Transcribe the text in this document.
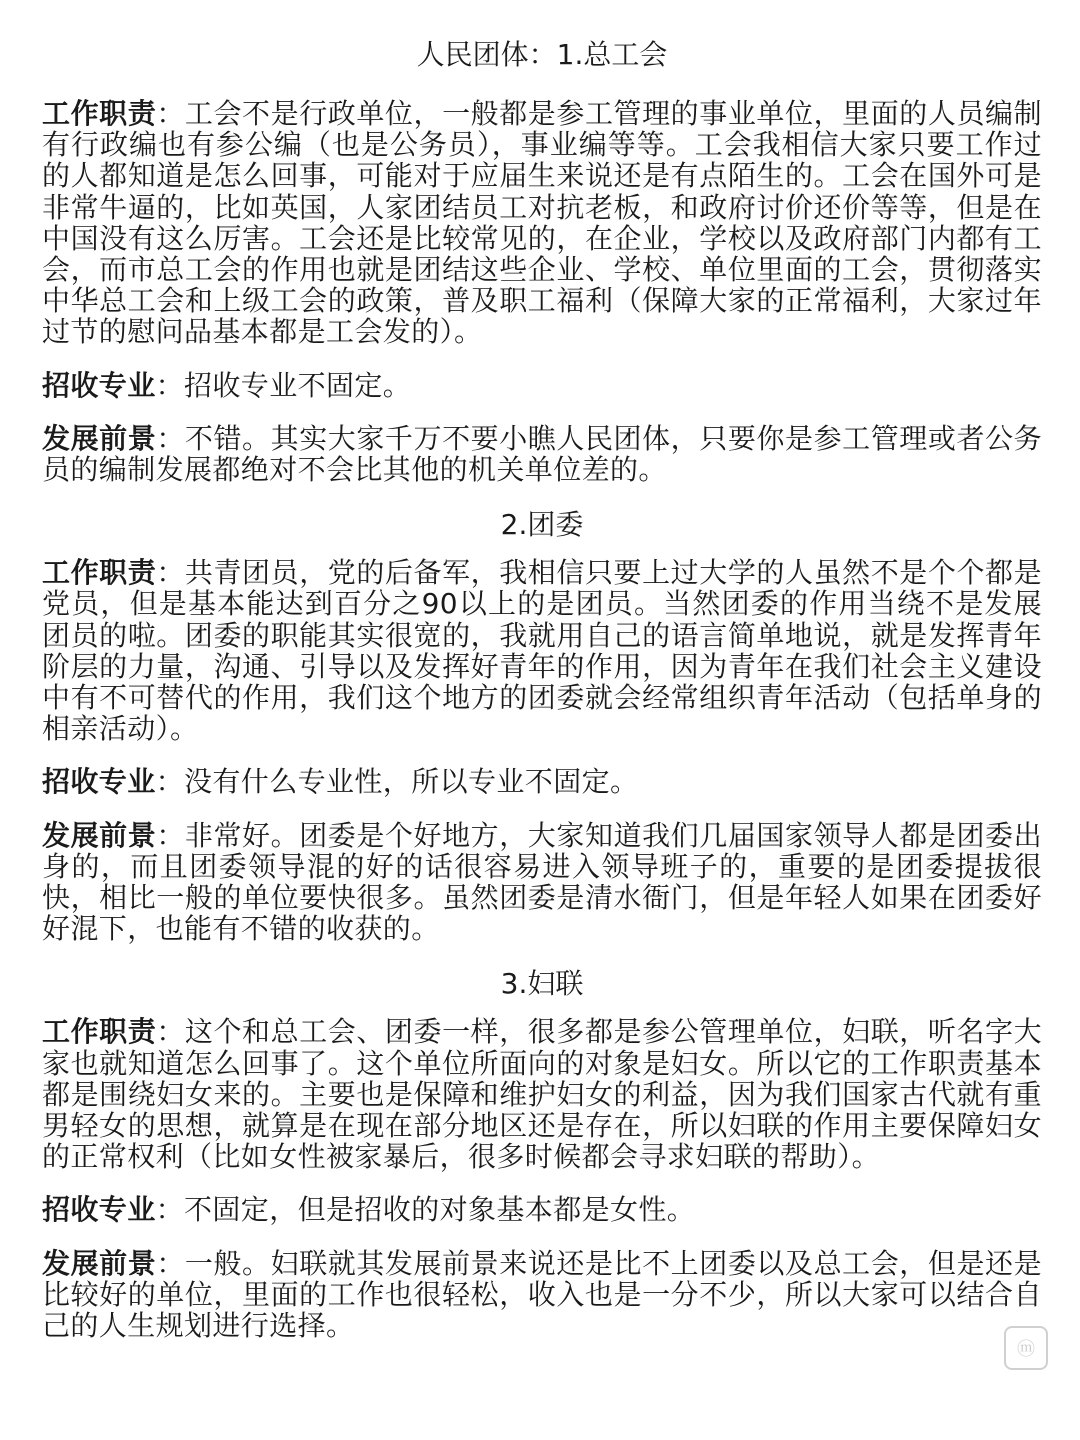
人民团体：1.总工会

工作职责：工会不是行政单位，一般都是参工管理的事业单位，里面的人员编制有行政编也有参公编（也是公务员），事业编等等。工会我相信大家只要工作过的人都知道是怎么回事，可能对于应届生来说还是有点陌生的。工会在国外可是非常牛逼的，比如英国，人家团结员工对抗老板，和政府讨价还价等等，但是在中国没有这么厉害。工会还是比较常见的，在企业，学校以及政府部门内都有工会，而市总工会的作用也就是团结这些企业、学校、单位里面的工会，贯彻落实中华总工会和上级工会的政策，普及职工福利（保障大家的正常福利，大家过年过节的慰问品基本都是工会发的）。

招收专业：招收专业不固定。

发展前景：不错。其实大家千万不要小瞧人民团体，只要你是参工管理或者公务员的编制发展都绝对不会比其他的机关单位差的。

2.团委

工作职责：共青团员，党的后备军，我相信只要上过大学的人虽然不是个个都是党员，但是基本能达到百分之90以上的是团员。当然团委的作用当绕不是发展团员的啦。团委的职能其实很宽的，我就用自己的语言简单地说，就是发挥青年阶层的力量，沟通、引导以及发挥好青年的作用，因为青年在我们社会主义建设中有不可替代的作用，我们这个地方的团委就会经常组织青年活动（包括单身的相亲活动）。

招收专业：没有什么专业性，所以专业不固定。

发展前景：非常好。团委是个好地方，大家知道我们几届国家领导人都是团委出身的，而且团委领导混的好的话很容易进入领导班子的，重要的是团委提拔很快，相比一般的单位要快很多。虽然团委是清水衙门，但是年轻人如果在团委好好混下，也能有不错的收获的。

3.妇联

工作职责：这个和总工会、团委一样，很多都是参公管理单位，妇联，听名字大家也就知道怎么回事了。这个单位所面向的对象是妇女。所以它的工作职责基本都是围绕妇女来的。主要也是保障和维护妇女的利益，因为我们国家古代就有重男轻女的思想，就算是在现在部分地区还是存在，所以妇联的作用主要保障妇女的正常权利（比如女性被家暴后，很多时候都会寻求妇联的帮助）。

招收专业：不固定，但是招收的对象基本都是女性。

发展前景：一般。妇联就其发展前景来说还是比不上团委以及总工会，但是还是比较好的单位，里面的工作也很轻松，收入也是一分不少，所以大家可以结合自己的人生规划进行选择。

ⓜ
